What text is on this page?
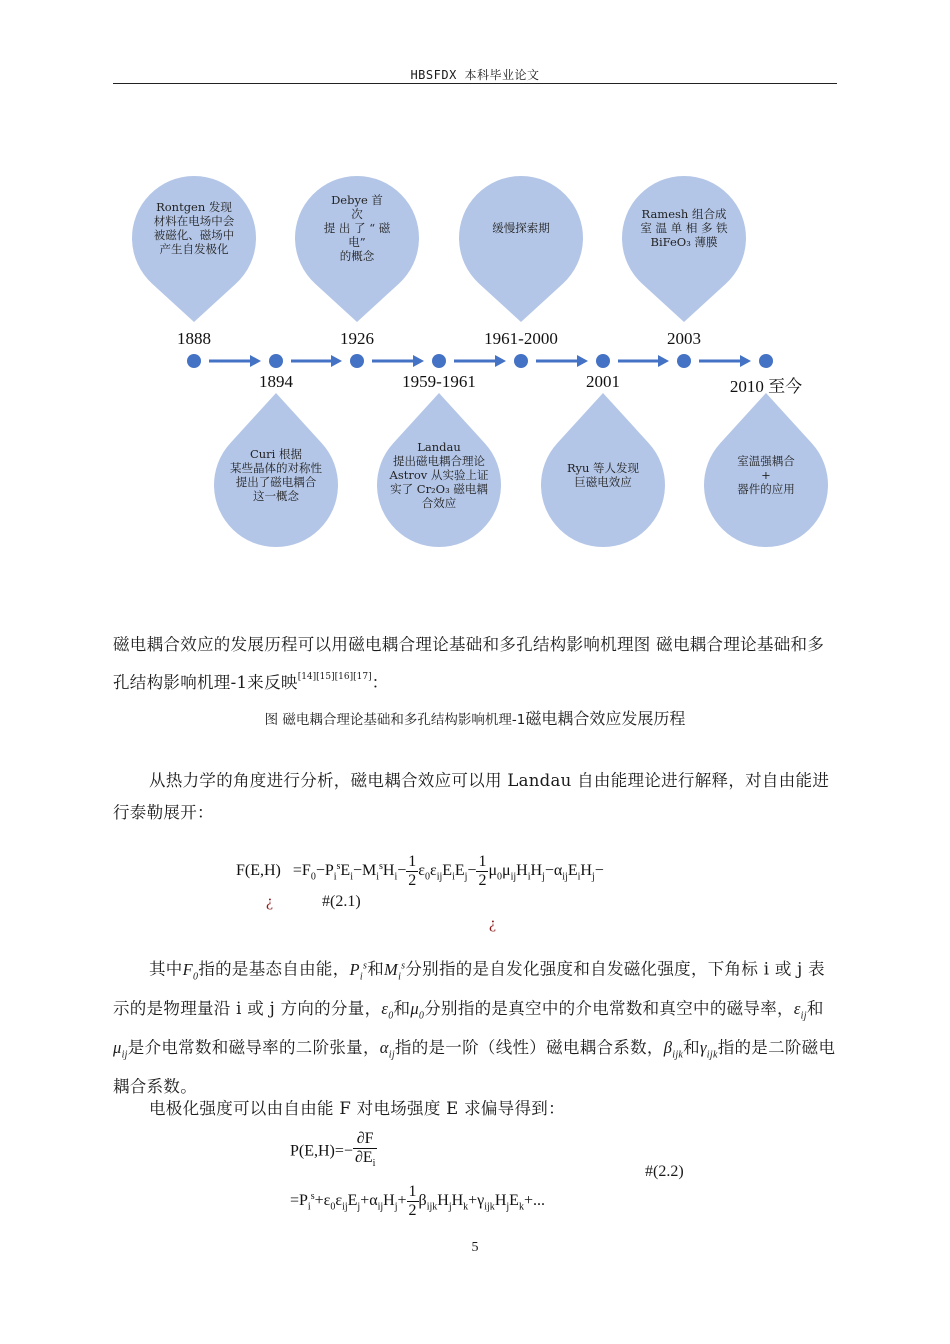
HBSFDX 本科毕业论文

磁电耦合效应的发展历程可以用磁电耦合理论基础和多孔结构影响机理图 磁电耦合理论基础和多孔结构影响机理-1来反映[14][15][16][17]：

图 磁电耦合理论基础和多孔结构影响机理-1磁电耦合效应发展历程

从热力学的角度进行分析，磁电耦合效应可以用 Landau 自由能理论进行解释，对自由能进行泰勒展开：

$F(E,H) =F_0-P_i^sE_i-M_i^sH_i- \frac{1}{2} \varepsilon_0\varepsilon_{ij}E_iE_j- \frac{1}{2} \mu_0\mu_{ij}H_iH_j-\alpha_{ij}E_iH_j-$
¿	#(2.1)
¿

其中$F_0$指的是基态自由能，$P_i^s$和$M_i^s$分别指的是自发化强度和自发磁化强度，下角标 i 或 j 表示的是物理量沿 i 或 j 方向的分量，$\varepsilon_0$和$\mu_0$分别指的是真空中的介电常数和真空中的磁导率，$\varepsilon_{ij}$和$\mu_{ij}$是介电常数和磁导率的二阶张量，$\alpha_{ij}$指的是一阶（线性）磁电耦合系数，$\beta_{ijk}$和$\gamma_{ijk}$指的是二阶磁电耦合系数。

电极化强度可以由自由能 F 对电场强度 E 求偏导得到：

$P(E,H)=- \frac{\partial F}{\partial E_i}$
$=P_i^s+\varepsilon_0\varepsilon_{ij}E_j+\alpha_{ij}H_j+ \frac{1}{2} \beta_{ijk}H_jH_k+\gamma_{ijk}H_jE_k+$...
#(2.2)
5
Rontgen 发现
材料在电场中会
被磁化、磁场中
产生自发极化
1888
Curi 根据
某些晶体的对称性
提出了磁电耦合
这一概念
1894
Debye 首
次
提 出 了 “ 磁
电”
的概念
1926
Landau
提出磁电耦合理论
Astrov 从实验上证
实了 Cr₂O₃ 磁电耦
合效应
1959-1961
缓慢探索期
1961-2000
Ryu 等人发现
巨磁电效应
2001
Ramesh 组合成
室 温 单 相 多 铁
BiFeO₃ 薄膜
2003
室温强耦合
+
器件的应用
2010 至今
